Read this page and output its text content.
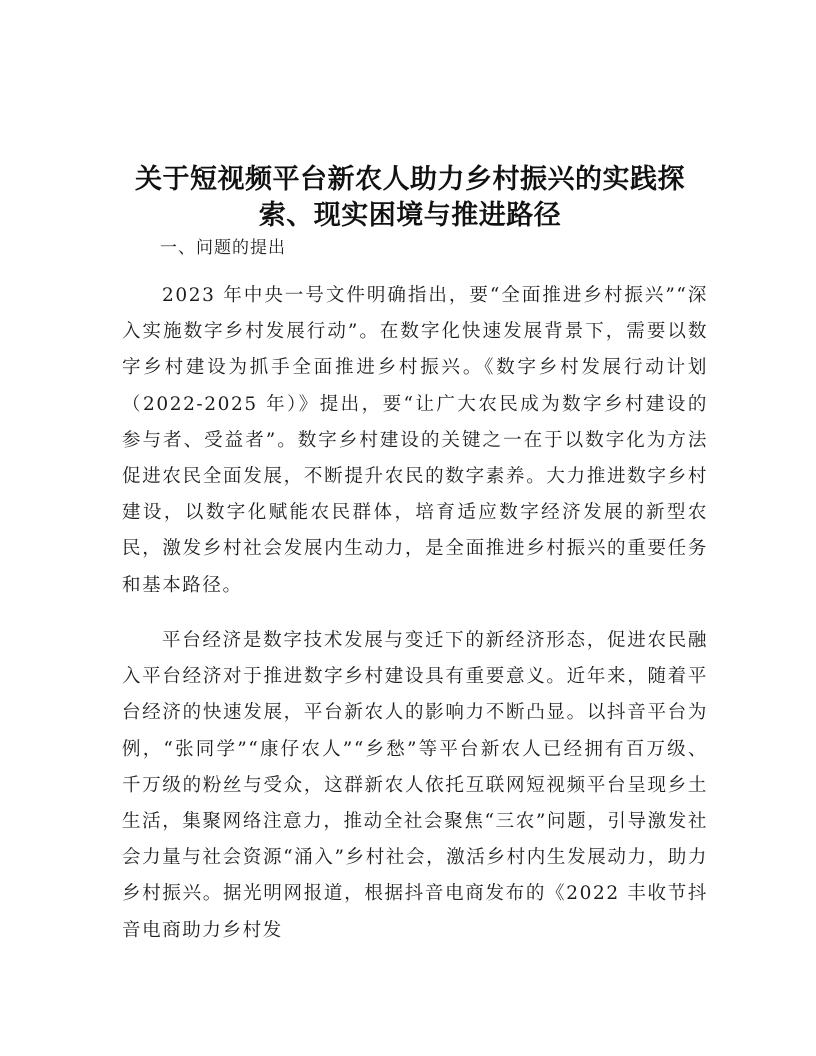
关于短视频平台新农人助力乡村振兴的实践探索、现实困境与推进路径
一、问题的提出

2023 年中央一号文件明确指出，要“全面推进乡村振兴”“深入实施数字乡村发展行动”。在数字化快速发展背景下，需要以数字乡村建设为抓手全面推进乡村振兴。《数字乡村发展行动计划（2022-2025 年）》提出，要“让广大农民成为数字乡村建设的参与者、受益者”。数字乡村建设的关键之一在于以数字化为方法促进农民全面发展，不断提升农民的数字素养。大力推进数字乡村建设，以数字化赋能农民群体，培育适应数字经济发展的新型农民，激发乡村社会发展内生动力，是全面推进乡村振兴的重要任务和基本路径。

平台经济是数字技术发展与变迁下的新经济形态，促进农民融入平台经济对于推进数字乡村建设具有重要意义。近年来，随着平台经济的快速发展，平台新农人的影响力不断凸显。以抖音平台为例，“张同学”“康仔农人”“乡愁”等平台新农人已经拥有百万级、千万级的粉丝与受众，这群新农人依托互联网短视频平台呈现乡土生活，集聚网络注意力，推动全社会聚焦“三农”问题，引导激发社会力量与社会资源“涌入”乡村社会，激活乡村内生发展动力，助力乡村振兴。据光明网报道，根据抖音电商发布的《2022 丰收节抖音电商助力乡村发
